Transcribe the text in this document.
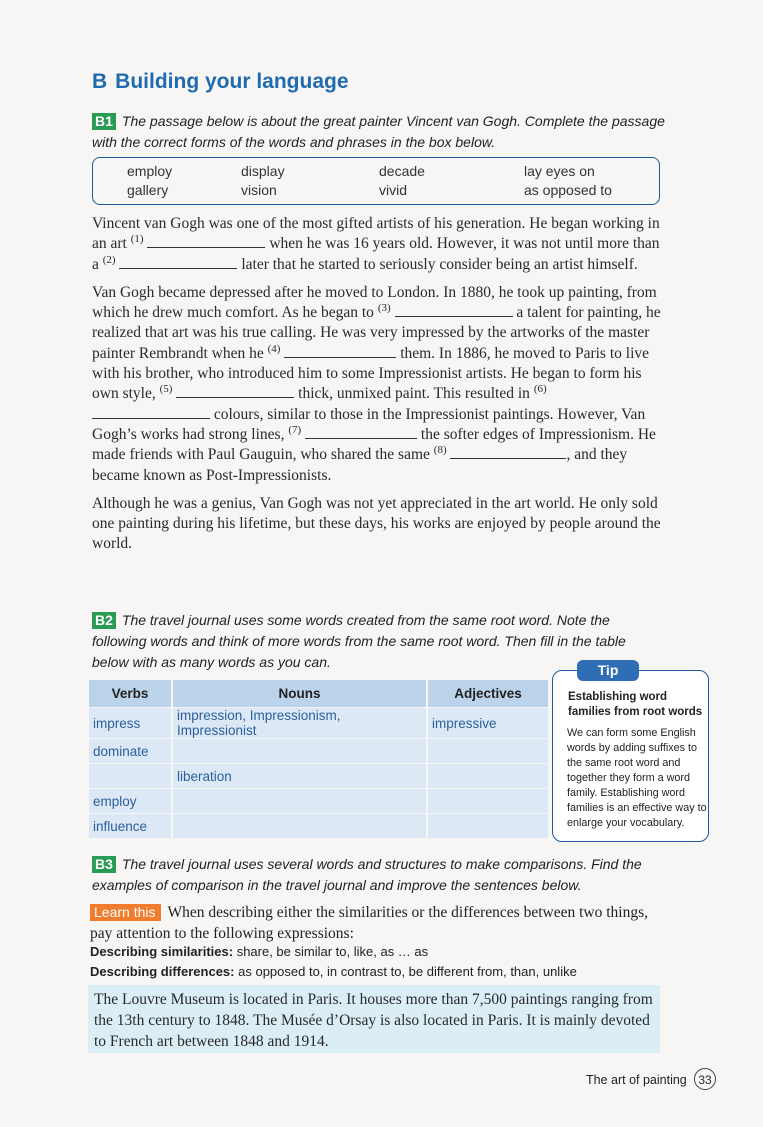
B Building your language
B1 The passage below is about the great painter Vincent van Gogh. Complete the passage with the correct forms of the words and phrases in the box below.
employ	display	decade	lay eyes on
gallery	vision	vivid	as opposed to

Vincent van Gogh was one of the most gifted artists of his generation. He began working in an art $^{(1)}$	when he was 16 years old. However, it was not until more than a $^{(2)}$	later that he started to seriously consider being an artist himself.

Van Gogh became depressed after he moved to London. In 1880, he took up painting, from which he drew much comfort. As he began to $^{(3)}$	a talent for painting, he realized that art was his true calling. He was very impressed by the artworks of the master painter Rembrandt when he $^{(4)}$	them. In 1886, he moved to Paris to live with his brother, who introduced him to some Impressionist artists. He began to form his own style, $^{(5)}$	thick, unmixed paint. This resulted in $^{(6)}$  colours, similar to those in the Impressionist paintings. However, Van Gogh’s works had strong lines, $^{(7)}$	the softer edges of Impressionism. He made friends with Paul Gauguin, who shared the same $^{(8)}$	, and they became known as Post-Impressionists.

Although he was a genius, Van Gogh was not yet appreciated in the art world. He only sold one painting during his lifetime, but these days, his works are enjoyed by people around the world.

B2 The travel journal uses some words created from the same root word. Note the following words and think of more words from the same root word. Then fill in the table below with as many words as you can.
Verbs	Nouns	Adjectives
impress	impression, Impressionism, Impressionist	impressive
dominate		
	liberation	
employ		
influence		
Tip
Establishing word families from root words
We can form some English words by adding suffixes to the same root word and together they form a word family. Establishing word families is an effective way to enlarge your vocabulary.
B3 The travel journal uses several words and structures to make comparisons. Find the examples of comparison in the travel journal and improve the sentences below.
Learn this When describing either the similarities or the differences between two things, pay attention to the following expressions:
Describing similarities: share, be similar to, like, as … as
Describing differences: as opposed to, in contrast to, be different from, than, unlike

The Louvre Museum is located in Paris. It houses more than 7,500 paintings ranging from the 13th century to 1848. The Musée d’Orsay is also located in Paris. It is mainly devoted to French art between 1848 and 1914.

The art of painting 33
